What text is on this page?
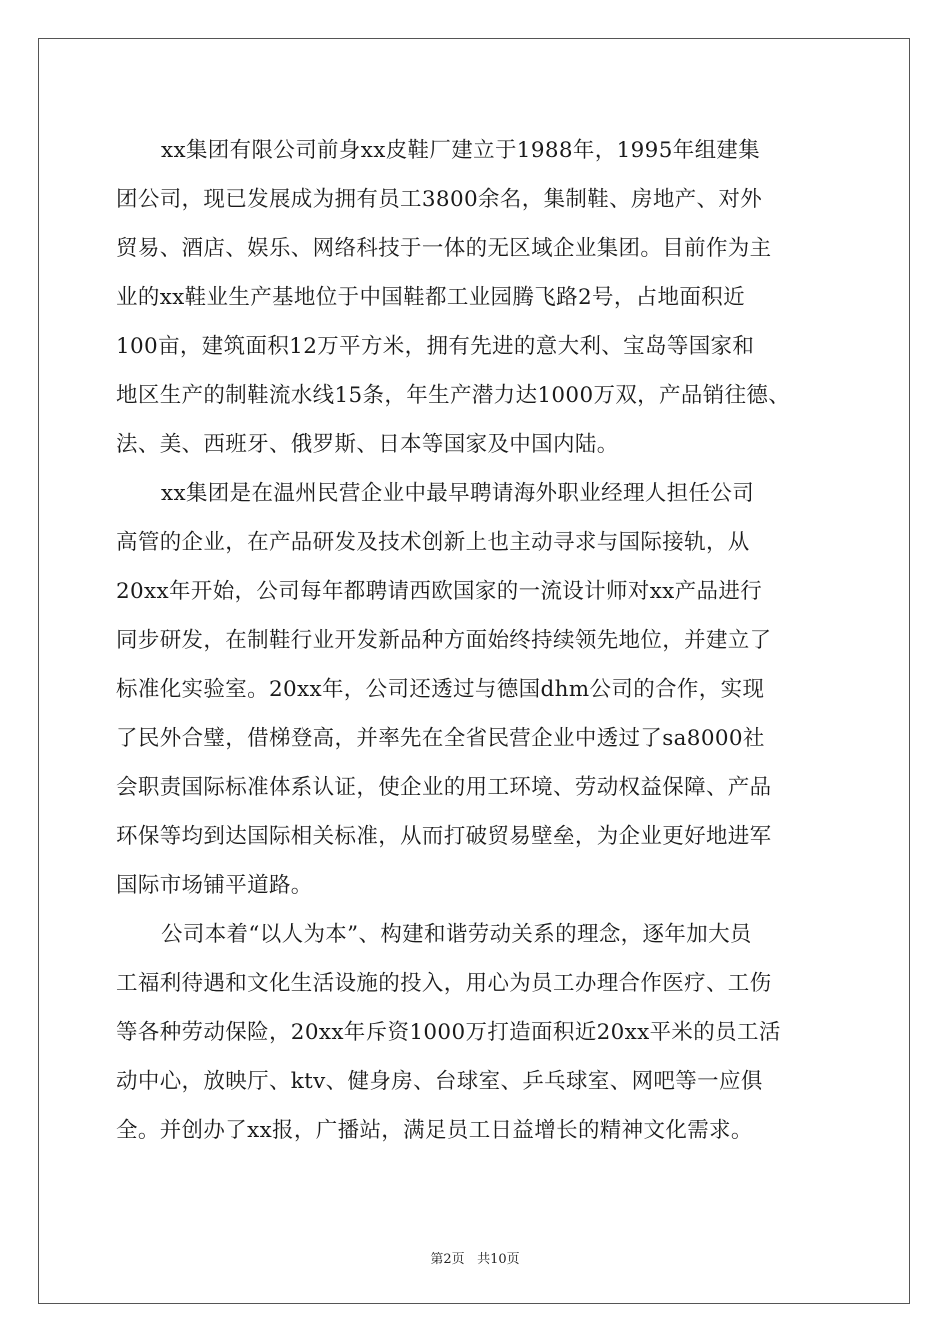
xx集团有限公司前身xx皮鞋厂建立于1988年，1995年组建集
团公司，现已发展成为拥有员工3800余名，集制鞋、房地产、对外
贸易、酒店、娱乐、网络科技于一体的无区域企业集团。目前作为主
业的xx鞋业生产基地位于中国鞋都工业园腾飞路2号，占地面积近
100亩，建筑面积12万平方米，拥有先进的意大利、宝岛等国家和
地区生产的制鞋流水线15条，年生产潜力达1000万双，产品销往德、
法、美、西班牙、俄罗斯、日本等国家及中国内陆。
xx集团是在温州民营企业中最早聘请海外职业经理人担任公司
高管的企业，在产品研发及技术创新上也主动寻求与国际接轨，从
20xx年开始，公司每年都聘请西欧国家的一流设计师对xx产品进行
同步研发，在制鞋行业开发新品种方面始终持续领先地位，并建立了
标准化实验室。20xx年，公司还透过与德国dhm公司的合作，实现
了民外合璧，借梯登高，并率先在全省民营企业中透过了sa8000社
会职责国际标准体系认证，使企业的用工环境、劳动权益保障、产品
环保等均到达国际相关标准，从而打破贸易壁垒，为企业更好地进军
国际市场铺平道路。
公司本着“以人为本”、构建和谐劳动关系的理念，逐年加大员
工福利待遇和文化生活设施的投入，用心为员工办理合作医疗、工伤
等各种劳动保险，20xx年斥资1000万打造面积近20xx平米的员工活
动中心，放映厅、ktv、健身房、台球室、乒乓球室、网吧等一应俱
全。并创办了xx报，广播站，满足员工日益增长的精神文化需求。
第2页 共10页
